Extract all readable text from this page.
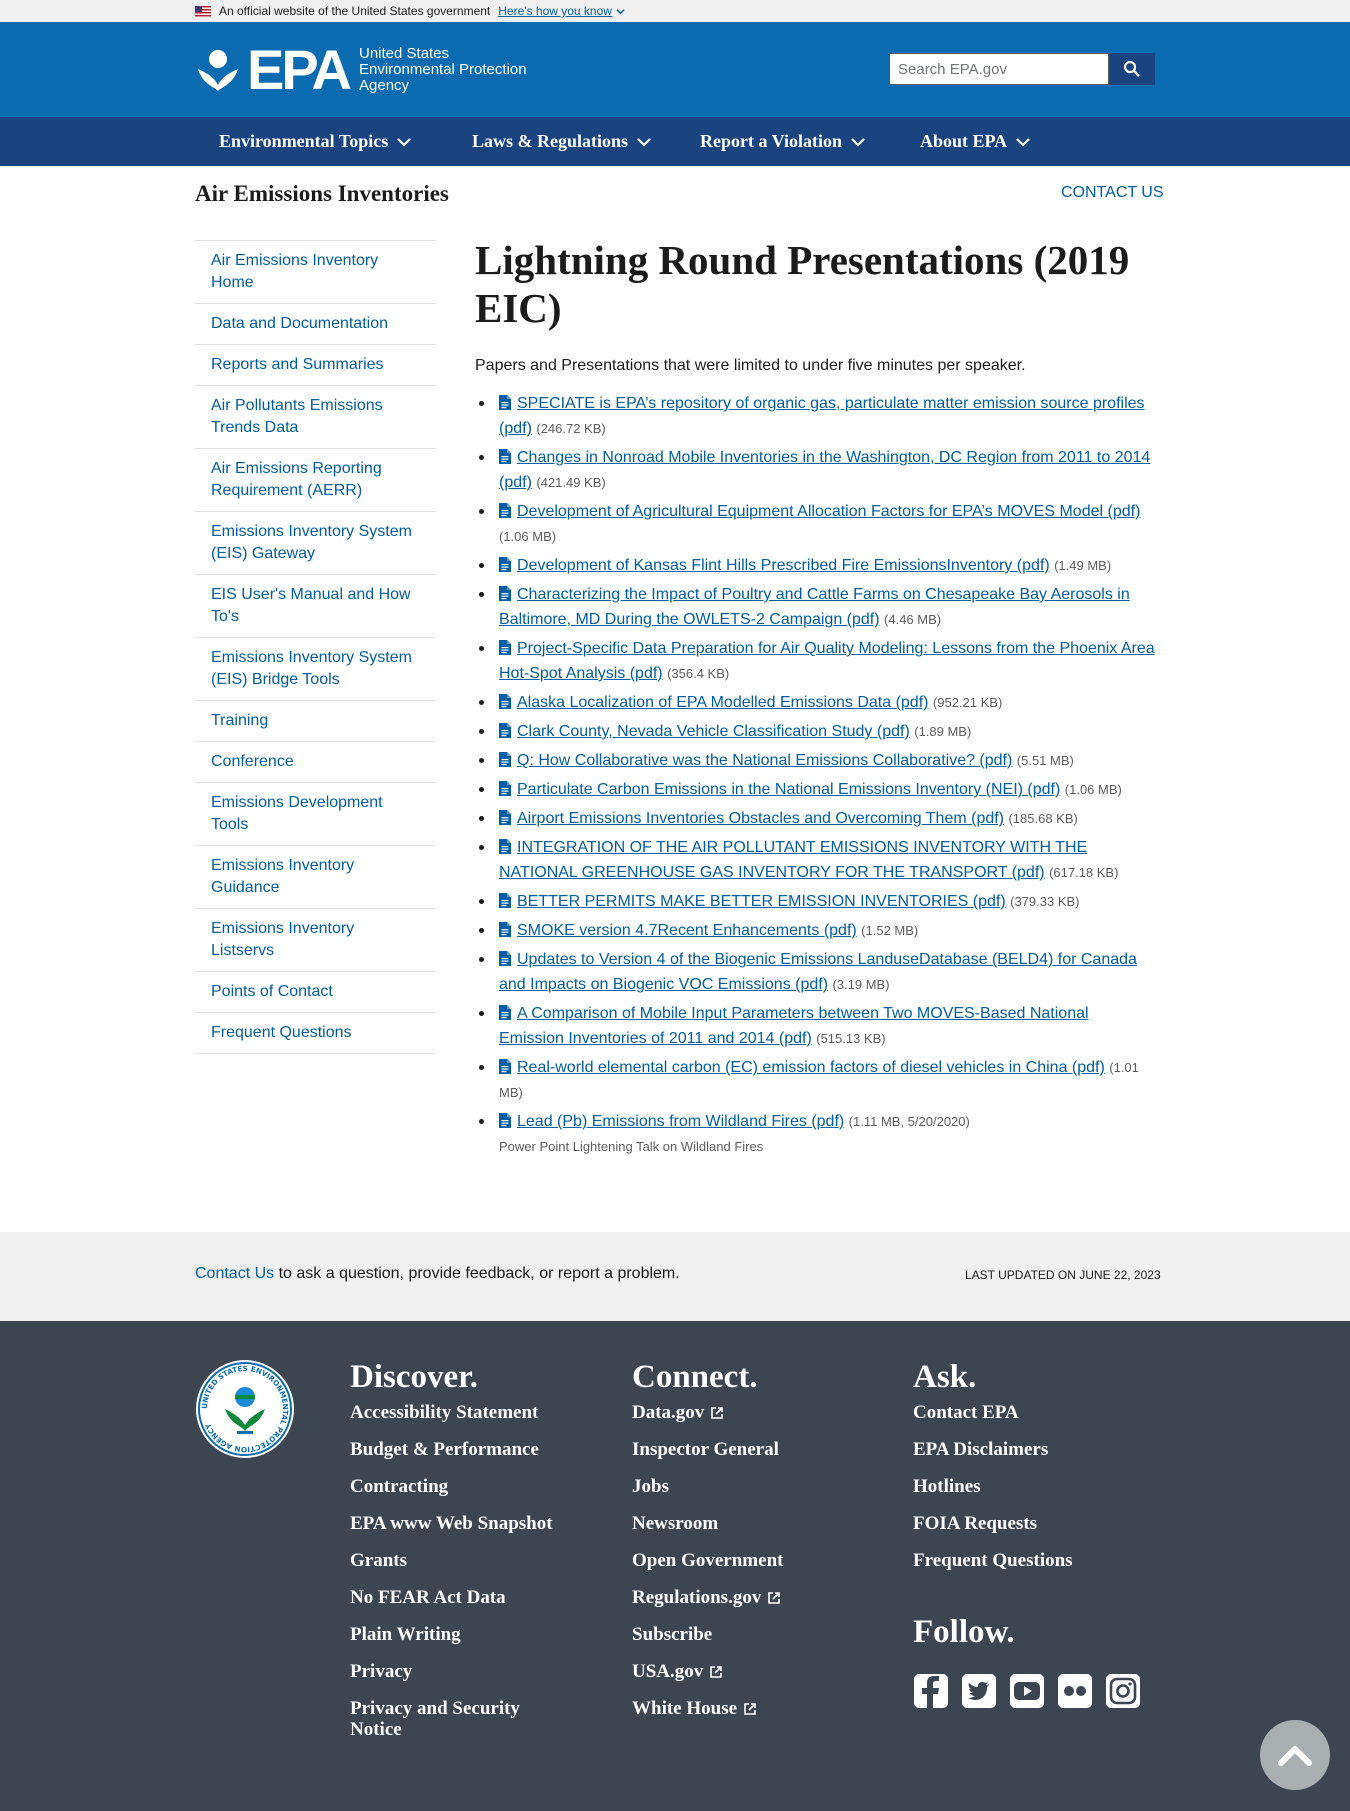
An official website of the United States government Here's how you know
EPA United States
Environmental Protection
Agency
Search EPA.gov
Environmental Topics	Laws & Regulations	Report a Violation	About EPA
Air Emissions Inventories	CONTACT US
Air Emissions Inventory Home
Data and Documentation
Reports and Summaries
Air Pollutants Emissions Trends Data
Air Emissions Reporting Requirement (AERR)
Emissions Inventory System (EIS) Gateway
EIS User's Manual and How To's
Emissions Inventory System (EIS) Bridge Tools
Training
Conference
Emissions Development Tools
Emissions Inventory Guidance
Emissions Inventory Listservs
Points of Contact
Frequent Questions
Lightning Round Presentations (2019 EIC)

Papers and Presentations that were limited to under five minutes per speaker.

SPECIATE is EPA’s repository of organic gas, particulate matter emission source profiles (pdf) (246.72 KB)
Changes in Nonroad Mobile Inventories in the Washington, DC Region from 2011 to 2014 (pdf) (421.49 KB)
Development of Agricultural Equipment Allocation Factors for EPA’s MOVES Model (pdf) (1.06 MB)
Development of Kansas Flint Hills Prescribed Fire EmissionsInventory (pdf) (1.49 MB)
Characterizing the Impact of Poultry and Cattle Farms on Chesapeake Bay Aerosols in Baltimore, MD During the OWLETS-2 Campaign (pdf) (4.46 MB)
Project-Specific Data Preparation for Air Quality Modeling: Lessons from the Phoenix Area Hot-Spot Analysis (pdf) (356.4 KB)
Alaska Localization of EPA Modelled Emissions Data (pdf) (952.21 KB)
Clark County, Nevada Vehicle Classification Study (pdf) (1.89 MB)
Q: How Collaborative was the National Emissions Collaborative? (pdf) (5.51 MB)
Particulate Carbon Emissions in the National Emissions Inventory (NEI) (pdf) (1.06 MB)
Airport Emissions Inventories Obstacles and Overcoming Them (pdf) (185.68 KB)
INTEGRATION OF THE AIR POLLUTANT EMISSIONS INVENTORY WITH THE NATIONAL GREENHOUSE GAS INVENTORY FOR THE TRANSPORT (pdf) (617.18 KB)
BETTER PERMITS MAKE BETTER EMISSION INVENTORIES (pdf) (379.33 KB)
SMOKE version 4.7Recent Enhancements (pdf) (1.52 MB)
Updates to Version 4 of the Biogenic Emissions LanduseDatabase (BELD4) for Canada and Impacts on Biogenic VOC Emissions (pdf) (3.19 MB)
A Comparison of Mobile Input Parameters between Two MOVES-Based National Emission Inventories of 2011 and 2014 (pdf) (515.13 KB)
Real-world elemental carbon (EC) emission factors of diesel vehicles in China (pdf) (1.01 MB)
Lead (Pb) Emissions from Wildland Fires (pdf) (1.11 MB, 5/20/2020)
Power Point Lightening Talk on Wildland Fires
Contact Us to ask a question, provide feedback, or report a problem.	LAST UPDATED ON JUNE 22, 2023
UNITED STATES ENVIRONMENTAL PROTECTION AGENCY
Discover.
Accessibility Statement
Budget & Performance
Contracting
EPA www Web Snapshot
Grants
No FEAR Act Data
Plain Writing
Privacy
Privacy and Security Notice
Connect.
Data.gov
Inspector General
Jobs
Newsroom
Open Government
Regulations.gov
Subscribe
USA.gov
White House
Ask.
Contact EPA
EPA Disclaimers
Hotlines
FOIA Requests
Frequent Questions
Follow.
